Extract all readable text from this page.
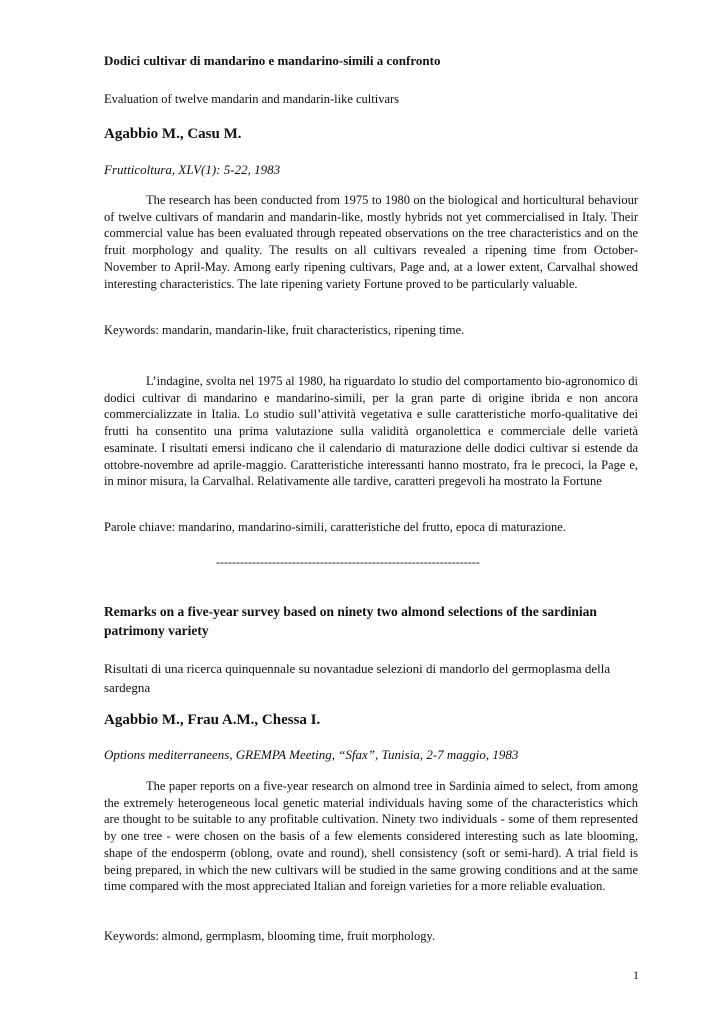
Dodici cultivar di mandarino e mandarino-simili a confronto

Evaluation of twelve mandarin and mandarin-like cultivars

Agabbio M., Casu M.

Frutticoltura, XLV(1): 5-22, 1983

The research has been conducted from 1975 to 1980 on the biological and horticultural behaviour of twelve cultivars of mandarin and mandarin-like, mostly hybrids not yet commercialised in Italy. Their commercial value has been evaluated through repeated observations on the tree characteristics and on the fruit morphology and quality. The results on all cultivars revealed a ripening time from October-November to April-May. Among early ripening cultivars, Page and, at a lower extent, Carvalhal showed interesting characteristics. The late ripening variety Fortune proved to be particularly valuable.

Keywords: mandarin, mandarin-like, fruit characteristics, ripening time.

L’indagine, svolta nel 1975 al 1980, ha riguardato lo studio del comportamento bio-agronomico di dodici cultivar di mandarino e mandarino-simili, per la gran parte di origine ibrida e non ancora commercializzate in Italia. Lo studio sull’attività vegetativa e sulle caratteristiche morfo-qualitative dei frutti ha consentito una prima valutazione sulla validità organolettica e commerciale delle varietà esaminate. I risultati emersi indicano che il calendario di maturazione delle dodici cultivar si estende da ottobre-novembre ad aprile-maggio. Caratteristiche interessanti hanno mostrato, fra le precoci, la Page e, in minor misura, la Carvalhal. Relativamente alle tardive, caratteri pregevoli ha mostrato la Fortune

Parole chiave: mandarino, mandarino-simili, caratteristiche del frutto, epoca di maturazione.

------------------------------------------------------------------

Remarks on a five-year survey based on ninety two almond selections of the sardinian patrimony variety

Risultati di una ricerca quinquennale su novantadue selezioni di mandorlo del germoplasma della sardegna

Agabbio M., Frau A.M., Chessa I.

Options mediterraneens, GREMPA Meeting, “Sfax”, Tunisia, 2-7 maggio, 1983

The paper reports on a five-year research on almond tree in Sardinia aimed to select, from among the extremely heterogeneous local genetic material individuals having some of the characteristics which are thought to be suitable to any profitable cultivation. Ninety two individuals - some of them represented by one tree - were chosen on the basis of a few elements considered interesting such as late blooming, shape of the endosperm (oblong, ovate and round), shell consistency (soft or semi-hard). A trial field is being prepared, in which the new cultivars will be studied in the same growing conditions and at the same time compared with the most appreciated Italian and foreign varieties for a more reliable evaluation.

Keywords: almond, germplasm, blooming time, fruit morphology.

1
